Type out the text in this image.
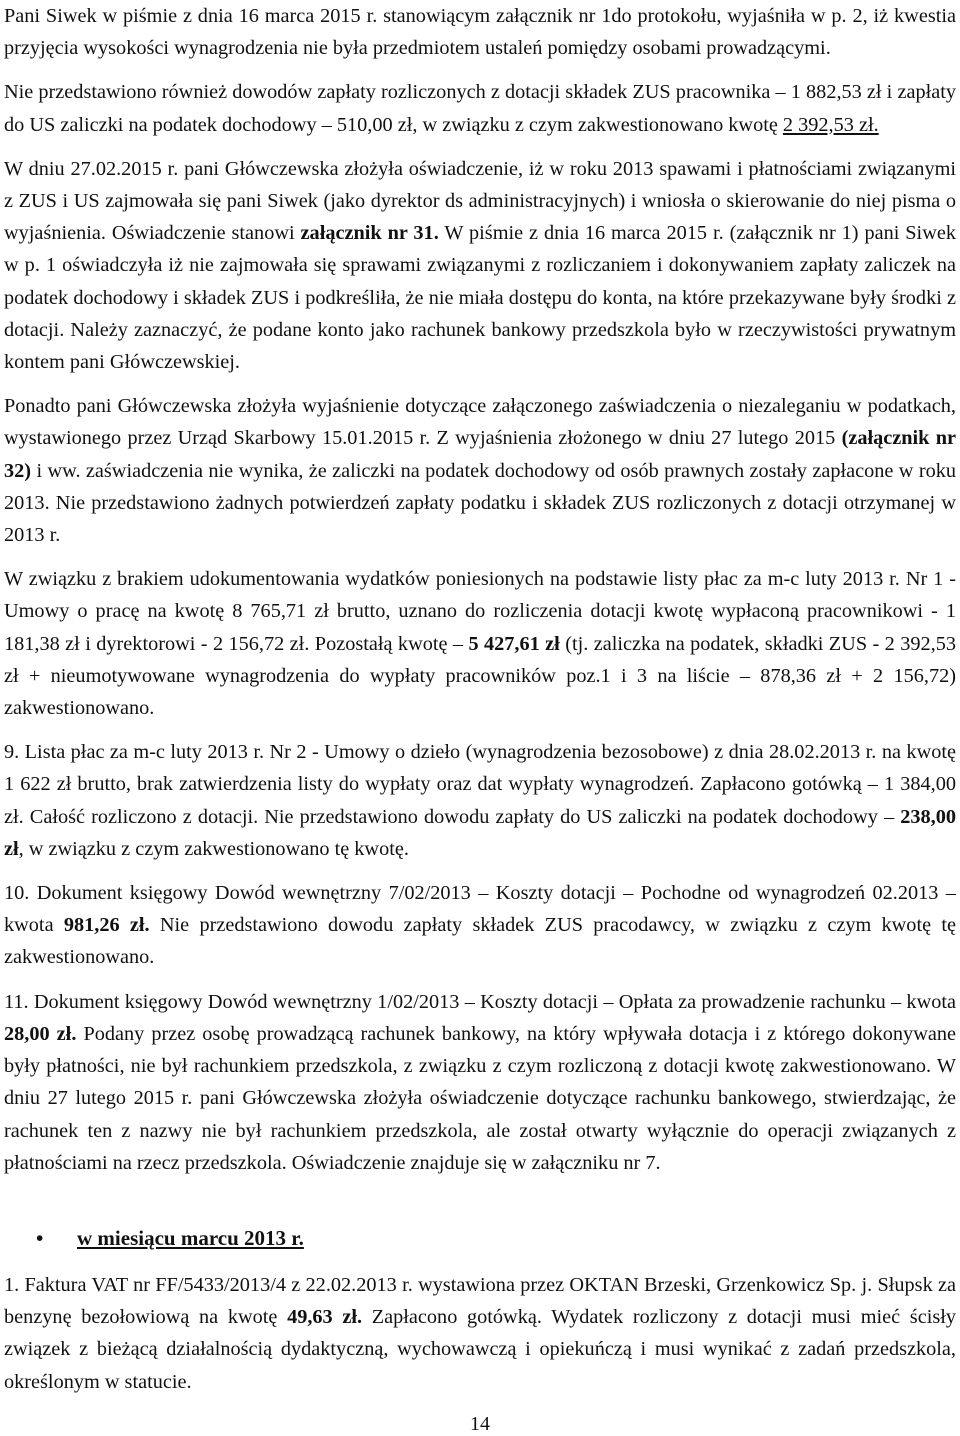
Pani Siwek w piśmie z dnia 16 marca 2015 r. stanowiącym załącznik nr 1do protokołu, wyjaśniła w p. 2, iż kwestia przyjęcia wysokości wynagrodzenia nie była przedmiotem ustaleń pomiędzy osobami prowadzącymi.

Nie przedstawiono również dowodów zapłaty rozliczonych z dotacji składek ZUS pracownika – 1 882,53 zł i zapłaty do US zaliczki na podatek dochodowy – 510,00 zł, w związku z czym zakwestionowano kwotę 2 392,53 zł.

W dniu 27.02.2015 r. pani Główczewska złożyła oświadczenie, iż w roku 2013 spawami i płatnościami związanymi z ZUS i US zajmowała się pani Siwek (jako dyrektor ds administracyjnych) i wniosła o skierowanie do niej pisma o wyjaśnienia. Oświadczenie stanowi załącznik nr 31. W piśmie z dnia 16 marca 2015 r. (załącznik nr 1) pani Siwek w p. 1 oświadczyła iż nie zajmowała się sprawami związanymi z rozliczaniem i dokonywaniem zapłaty zaliczek na podatek dochodowy i składek ZUS i podkreśliła, że nie miała dostępu do konta, na które przekazywane były środki z dotacji. Należy zaznaczyć, że podane konto jako rachunek bankowy przedszkola było w rzeczywistości prywatnym kontem pani Główczewskiej.

Ponadto pani Główczewska złożyła wyjaśnienie dotyczące załączonego zaświadczenia o niezaleganiu w podatkach, wystawionego przez Urząd Skarbowy 15.01.2015 r. Z wyjaśnienia złożonego w dniu 27 lutego 2015 (załącznik nr 32) i ww. zaświadczenia nie wynika, że zaliczki na podatek dochodowy od osób prawnych zostały zapłacone w roku 2013. Nie przedstawiono żadnych potwierdzeń zapłaty podatku i składek ZUS rozliczonych z dotacji otrzymanej w 2013 r.

W związku z brakiem udokumentowania wydatków poniesionych na podstawie listy płac za m-c luty 2013 r. Nr 1 - Umowy o pracę na kwotę 8 765,71 zł brutto, uznano do rozliczenia dotacji kwotę wypłaconą pracownikowi - 1 181,38 zł i dyrektorowi - 2 156,72 zł. Pozostałą kwotę – 5 427,61 zł (tj. zaliczka na podatek, składki ZUS - 2 392,53 zł + nieumotywowane wynagrodzenia do wypłaty pracowników poz.1 i 3 na liście – 878,36 zł + 2 156,72) zakwestionowano.

9. Lista płac za m-c luty 2013 r. Nr 2 - Umowy o dzieło (wynagrodzenia bezosobowe) z dnia 28.02.2013 r. na kwotę 1 622 zł brutto, brak zatwierdzenia listy do wypłaty oraz dat wypłaty wynagrodzeń. Zapłacono gotówką – 1 384,00 zł. Całość rozliczono z dotacji. Nie przedstawiono dowodu zapłaty do US zaliczki na podatek dochodowy – 238,00 zł, w związku z czym zakwestionowano tę kwotę.

10. Dokument księgowy Dowód wewnętrzny 7/02/2013 – Koszty dotacji – Pochodne od wynagrodzeń 02.2013 – kwota 981,26 zł. Nie przedstawiono dowodu zapłaty składek ZUS pracodawcy, w związku z czym kwotę tę zakwestionowano.

11. Dokument księgowy Dowód wewnętrzny 1/02/2013 – Koszty dotacji – Opłata za prowadzenie rachunku – kwota 28,00 zł. Podany przez osobę prowadzącą rachunek bankowy, na który wpływała dotacja i z którego dokonywane były płatności, nie był rachunkiem przedszkola, z związku z czym rozliczoną z dotacji kwotę zakwestionowano. W dniu 27 lutego 2015 r. pani Główczewska złożyła oświadczenie dotyczące rachunku bankowego, stwierdzając, że rachunek ten z nazwy nie był rachunkiem przedszkola, ale został otwarty wyłącznie do operacji związanych z płatnościami na rzecz przedszkola. Oświadczenie znajduje się w załączniku nr 7.

• w miesiącu marcu 2013 r.

1. Faktura VAT nr FF/5433/2013/4 z 22.02.2013 r. wystawiona przez OKTAN Brzeski, Grzenkowicz Sp. j. Słupsk za benzynę bezołowiową na kwotę 49,63 zł. Zapłacono gotówką. Wydatek rozliczony z dotacji musi mieć ścisły związek z bieżącą działalnością dydaktyczną, wychowawczą i opiekuńczą i musi wynikać z zadań przedszkola, określonym w statucie.

14
